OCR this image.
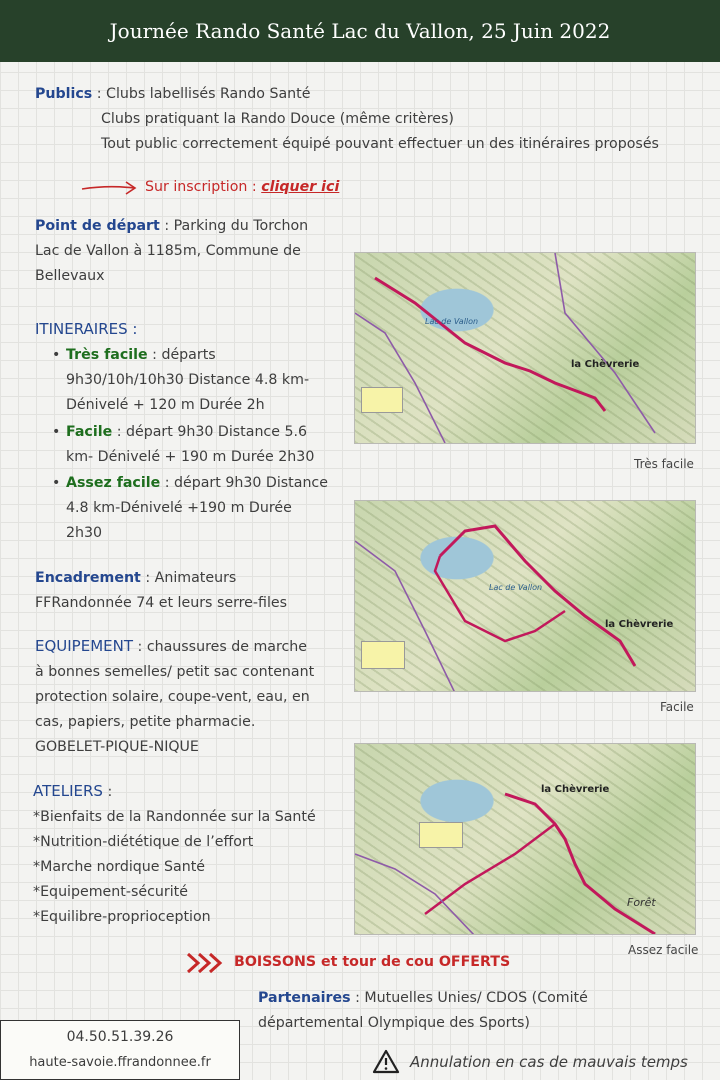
Journée Rando Santé Lac du Vallon, 25 Juin 2022
Publics : Clubs labellisés Rando Santé
Clubs pratiquant la Rando Douce (même critères)
Tout public correctement équipé pouvant effectuer un des itinéraires proposés
Sur inscription : cliquer ici
Point de départ : Parking du Torchon
Lac de Vallon à 1185m, Commune de
Bellevaux
ITINERAIRES :
• Très facile : départs
9h30/10h/10h30 Distance 4.8 km-
Dénivelé + 120 m Durée 2h
• Facile : départ 9h30 Distance 5.6
km- Dénivelé + 190 m Durée 2h30
• Assez facile : départ 9h30 Distance
4.8 km-Dénivelé +190 m Durée
2h30
Encadrement : Animateurs
FFRandonnée 74 et leurs serre-files
EQUIPEMENT : chaussures de marche
à bonnes semelles/ petit sac contenant
protection solaire, coupe-vent, eau, en
cas, papiers, petite pharmacie.
GOBELET-PIQUE-NIQUE
ATELIERS :
*Bienfaits de la Randonnée sur la Santé
*Nutrition-diététique de l’effort
*Marche nordique Santé
*Equipement-sécurité
*Equilibre-proprioception
la Chèvrerie
Lac de Vallon
Très facile
la Chèvrerie
Lac de Vallon
Facile
la Chèvrerie
Forêt
Assez facile
BOISSONS et tour de cou OFFERTS
Partenaires : Mutuelles Unies/ CDOS (Comité
départemental Olympique des Sports)
04.50.51.39.26
haute-savoie.ffrandonnee.fr	Annulation en cas de mauvais temps
